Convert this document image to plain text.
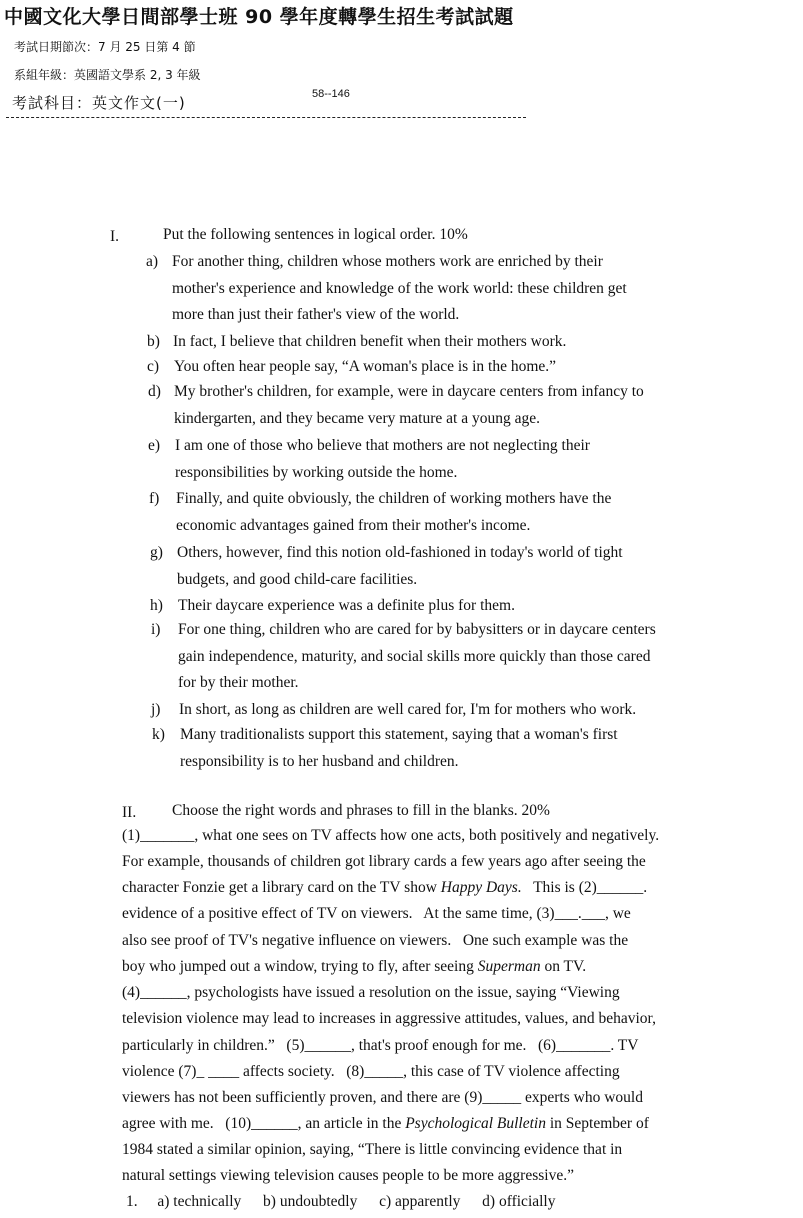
中國文化大學日間部學士班 90 學年度轉學生招生考試試題
考試日期節次：7 月 25 日第 4 節
系組年級：英國語文學系 2, 3 年級
考試科目：英文作文(一)	58--146
I.	Put the following sentences in logical order. 10%
a) For another thing, children whose mothers work are enriched by their
mother's experience and knowledge of the work world: these children get
more than just their father's view of the world.
b) In fact, I believe that children benefit when their mothers work.
c) You often hear people say, “A woman's place is in the home.”
d) My brother's children, for example, were in daycare centers from infancy to
kindergarten, and they became very mature at a young age.
e) I am one of those who believe that mothers are not neglecting their
responsibilities by working outside the home.
f) Finally, and quite obviously, the children of working mothers have the
economic advantages gained from their mother's income.
g) Others, however, find this notion old-fashioned in today's world of tight
budgets, and good child-care facilities.
h) Their daycare experience was a definite plus for them.
i) For one thing, children who are cared for by babysitters or in daycare centers
gain independence, maturity, and social skills more quickly than those cared
for by their mother.
j) In short, as long as children are well cared for, I'm for mothers who work.
k) Many traditionalists support this statement, saying that a woman's first
responsibility is to her husband and children.
II. Choose the right words and phrases to fill in the blanks. 20%
(1)_______, what one sees on TV affects how one acts, both positively and negatively.
For example, thousands of children got library cards a few years ago after seeing the
character Fonzie get a library card on the TV show Happy Days.   This is (2)______.
evidence of a positive effect of TV on viewers.   At the same time, (3)___.___, we
also see proof of TV's negative influence on viewers.   One such example was the
boy who jumped out a window, trying to fly, after seeing Superman on TV.
(4)______, psychologists have issued a resolution on the issue, saying “Viewing
television violence may lead to increases in aggressive attitudes, values, and behavior,
particularly in children.”   (5)______, that's proof enough for me.   (6)_______. TV
violence (7)_ ____ affects society.   (8)_____, this case of TV violence affecting
viewers has not been sufficiently proven, and there are (9)_____ experts who would
agree with me.   (10)______, an article in the Psychological Bulletin in September of
1984 stated a similar opinion, saying, “There is little convincing evidence that in
natural settings viewing television causes people to be more aggressive.”
1. a) technically b) undoubtedly c) apparently d) officially
